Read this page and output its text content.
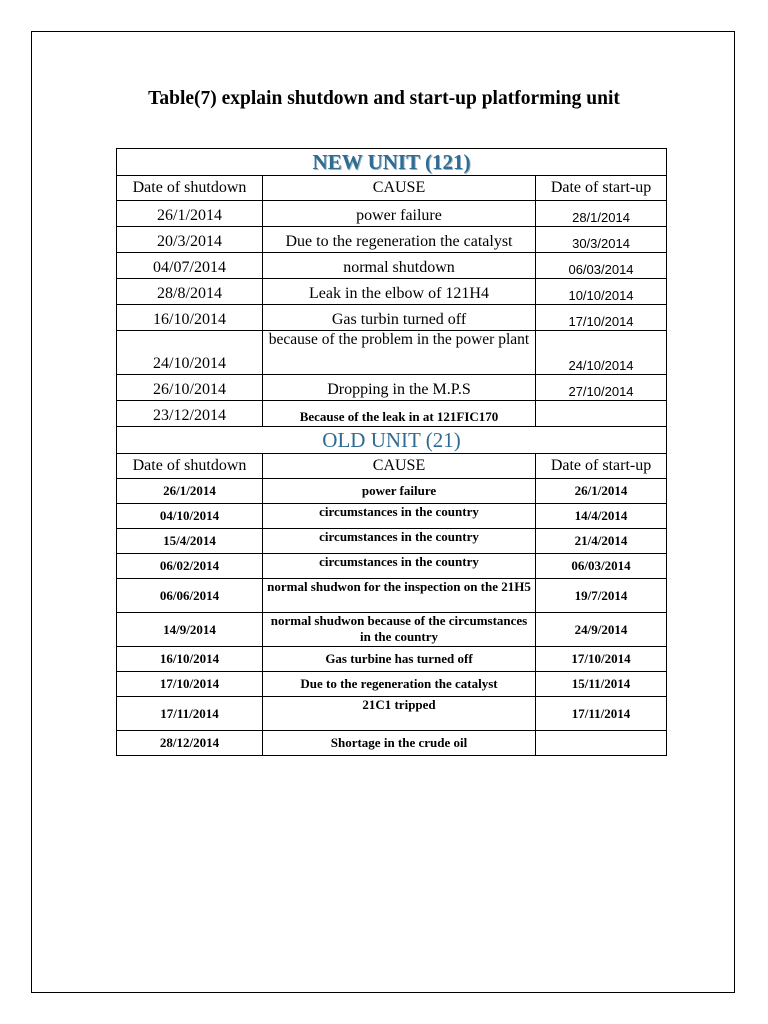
Table(7) explain shutdown and start-up platforming unit
NEW UNIT (121)		
Date of shutdown	CAUSE	Date of start-up
26/1/2014	power failure	28/1/2014
20/3/2014	Due to the regeneration the catalyst	30/3/2014
04/07/2014	normal shutdown	06/03/2014
28/8/2014	Leak in the elbow of 121H4	10/10/2014
16/10/2014	Gas turbin turned off	17/10/2014
24/10/2014	because of the problem in the power plant	24/10/2014
26/10/2014	Dropping in the M.P.S	27/10/2014
23/12/2014	Because of the leak in at 121FIC170	
OLD UNIT (21)		
Date of shutdown	CAUSE	Date of start-up
26/1/2014	power failure	26/1/2014
04/10/2014	circumstances in the country	14/4/2014
15/4/2014	circumstances in the country	21/4/2014
06/02/2014	circumstances in the country	06/03/2014
06/06/2014	normal shudwon for the inspection on the 21H5	19/7/2014
14/9/2014	normal shudwon because of the circumstances in the country	24/9/2014
16/10/2014	Gas turbine has turned off	17/10/2014
17/10/2014	Due to the regeneration the catalyst	15/11/2014
17/11/2014	21C1 tripped	17/11/2014
28/12/2014	Shortage in the crude oil	
